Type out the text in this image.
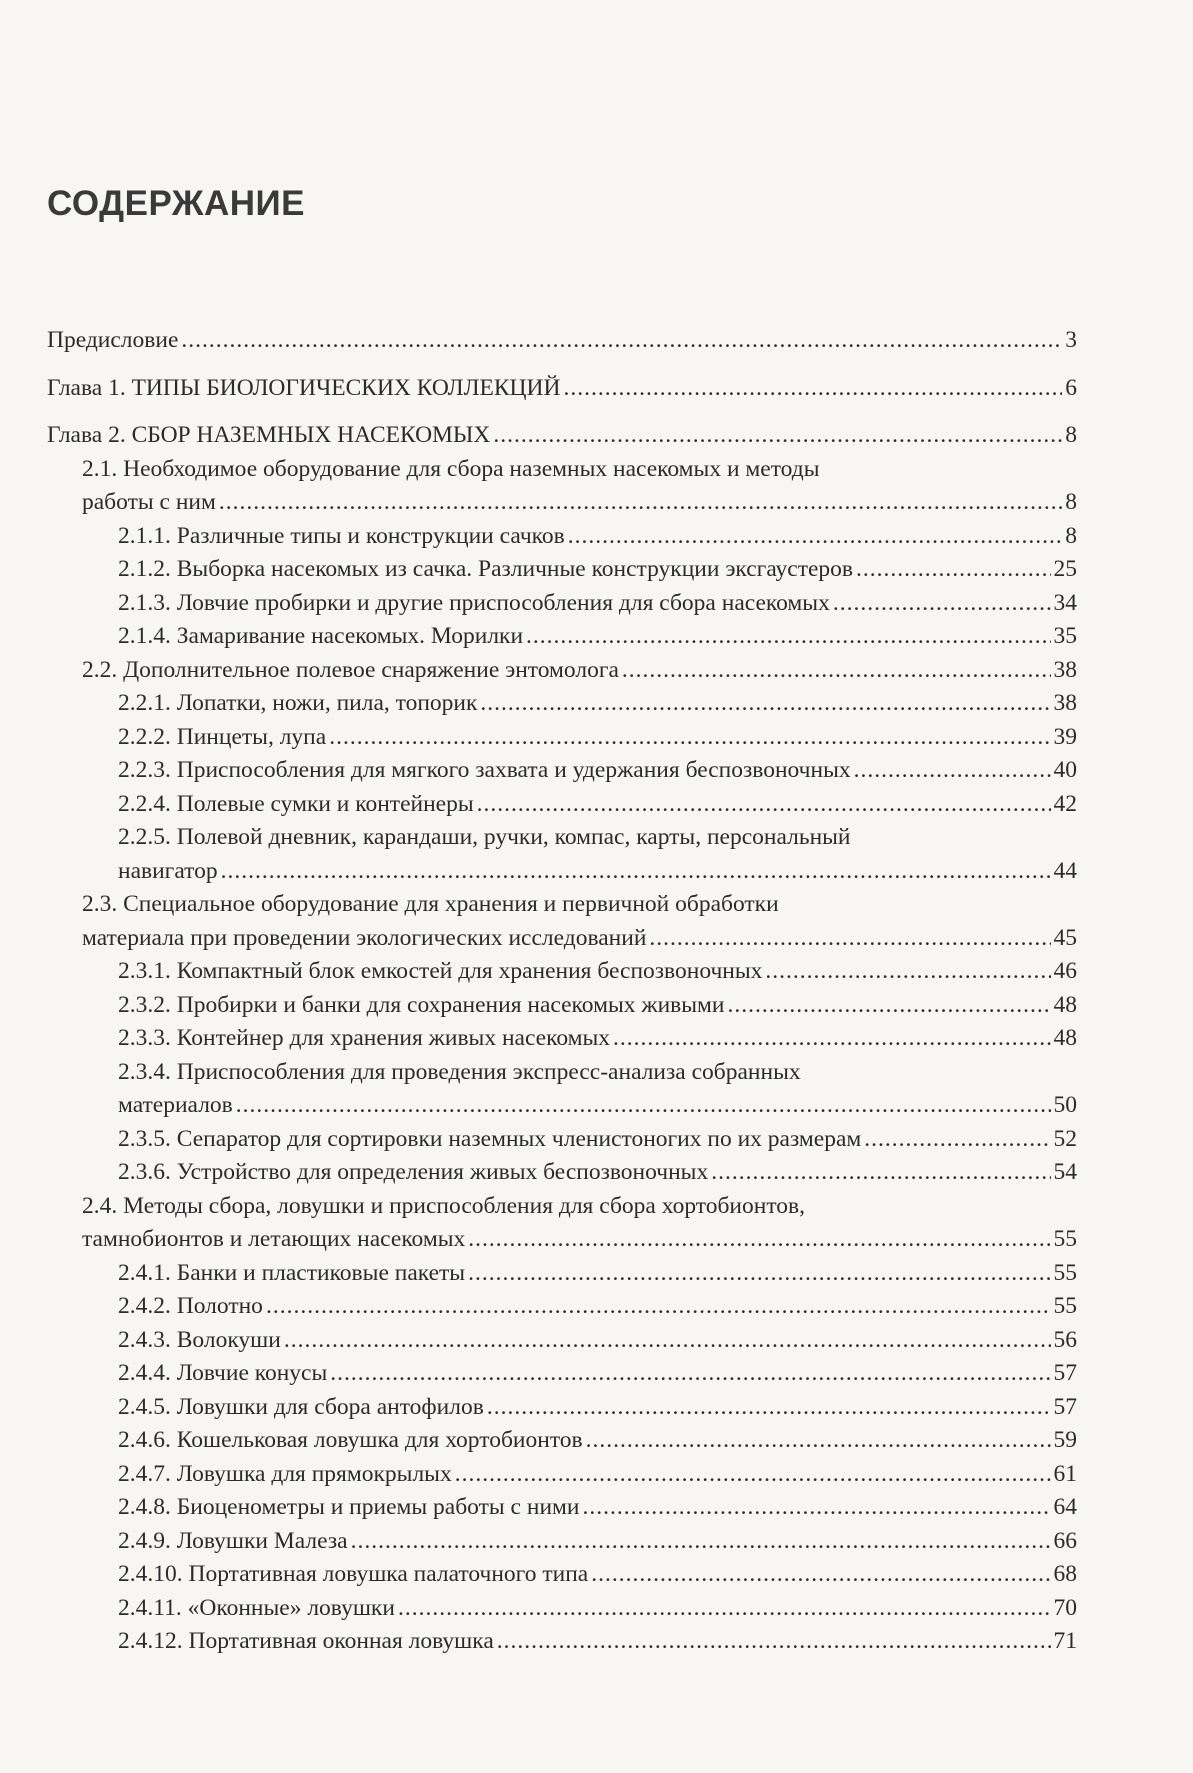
СОДЕРЖАНИЕ
Предисловие .....	3
Глава 1. ТИПЫ БИОЛОГИЧЕСКИХ КОЛЛЕКЦИЙ .....	6
Глава 2. СБОР НАЗЕМНЫХ НАСЕКОМЫХ .....	8
2.1. Необходимое оборудование для сбора наземных насекомых и методы
работы с ним .....	8
2.1.1. Различные типы и конструкции сачков .....	8
2.1.2. Выборка насекомых из сачка. Различные конструкции эксгаустеров .....	25
2.1.3. Ловчие пробирки и другие приспособления для сбора насекомых .....	34
2.1.4. Замаривание насекомых. Морилки .....	35
2.2. Дополнительное полевое снаряжение энтомолога .....	38
2.2.1. Лопатки, ножи, пила, топорик .....	38
2.2.2. Пинцеты, лупа .....	39
2.2.3. Приспособления для мягкого захвата и удержания беспозвоночных .....	40
2.2.4. Полевые сумки и контейнеры .....	42
2.2.5. Полевой дневник, карандаши, ручки, компас, карты, персональный
навигатор .....	44
2.3. Специальное оборудование для хранения и первичной обработки
материала при проведении экологических исследований .....	45
2.3.1. Компактный блок емкостей для хранения беспозвоночных .....	46
2.3.2. Пробирки и банки для сохранения насекомых живыми .....	48
2.3.3. Контейнер для хранения живых насекомых .....	48
2.3.4. Приспособления для проведения экспресс-анализа собранных
материалов .....	50
2.3.5. Сепаратор для сортировки наземных членистоногих по их размерам .....	52
2.3.6. Устройство для определения живых беспозвоночных .....	54
2.4. Методы сбора, ловушки и приспособления для сбора хортобионтов,
тамнобионтов и летающих насекомых .....	55
2.4.1. Банки и пластиковые пакеты .....	55
2.4.2. Полотно .....	55
2.4.3. Волокуши .....	56
2.4.4. Ловчие конусы .....	57
2.4.5. Ловушки для сбора антофилов .....	57
2.4.6. Кошельковая ловушка для хортобионтов .....	59
2.4.7. Ловушка для прямокрылых .....	61
2.4.8. Биоценометры и приемы работы с ними .....	64
2.4.9. Ловушки Малеза .....	66
2.4.10. Портативная ловушка палаточного типа .....	68
2.4.11. «Оконные» ловушки .....	70
2.4.12. Портативная оконная ловушка .....	71
